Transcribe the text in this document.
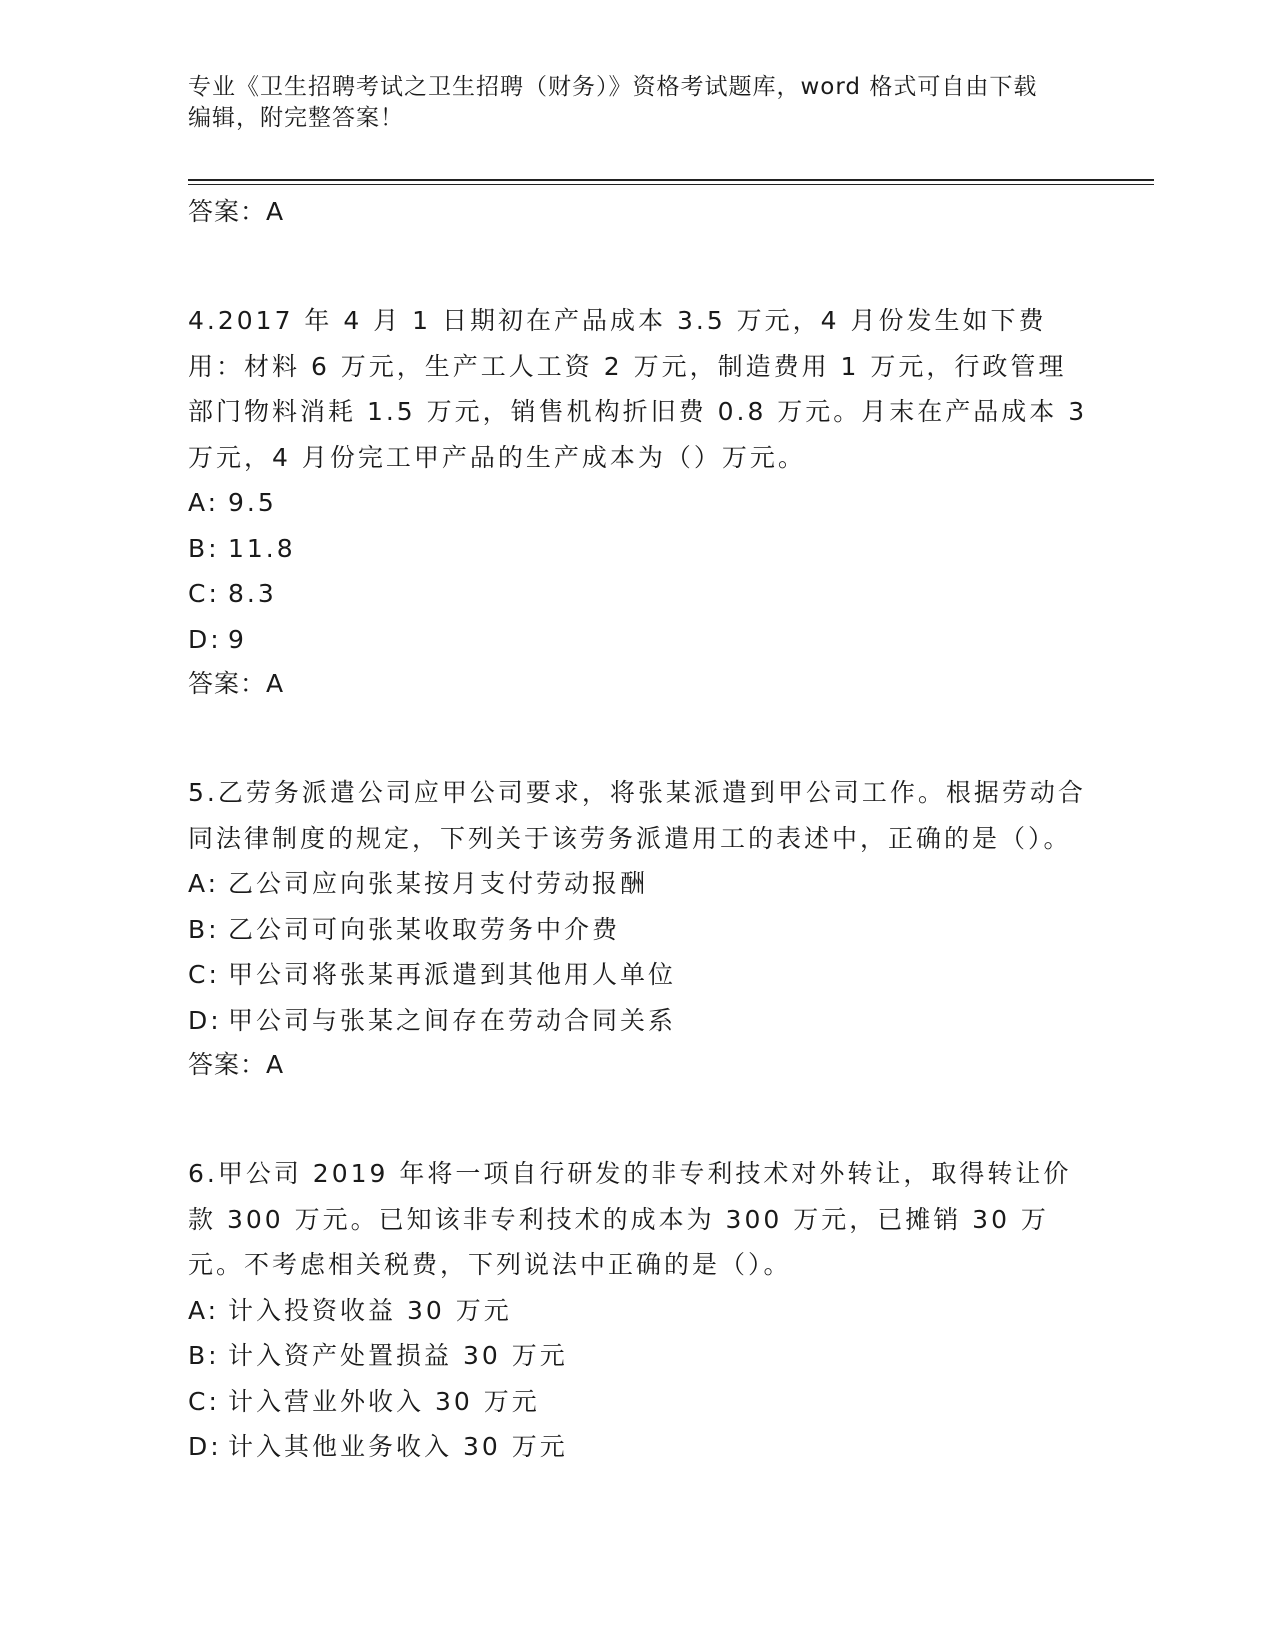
专业《卫生招聘考试之卫生招聘（财务）》资格考试题库，word 格式可自由下载
编辑，附完整答案！
答案：A

4.2017 年 4 月 1 日期初在产品成本 3.5 万元，4 月份发生如下费用：材料 6 万元，生产工人工资 2 万元，制造费用 1 万元，行政管理部门物料消耗 1.5 万元，销售机构折旧费 0.8 万元。月末在产品成本 3 万元，4 月份完工甲产品的生产成本为（）万元。

A: 9.5
B: 11.8
C: 8.3
D: 9
答案：A

5.乙劳务派遣公司应甲公司要求，将张某派遣到甲公司工作。根据劳动合同法律制度的规定，下列关于该劳务派遣用工的表述中，正确的是（）。

A: 乙公司应向张某按月支付劳动报酬
B: 乙公司可向张某收取劳务中介费
C: 甲公司将张某再派遣到其他用人单位
D: 甲公司与张某之间存在劳动合同关系
答案：A

6.甲公司 2019 年将一项自行研发的非专利技术对外转让，取得转让价款 300 万元。已知该非专利技术的成本为 300 万元，已摊销 30 万元。不考虑相关税费，下列说法中正确的是（）。

A: 计入投资收益 30 万元
B: 计入资产处置损益 30 万元
C: 计入营业外收入 30 万元
D: 计入其他业务收入 30 万元
